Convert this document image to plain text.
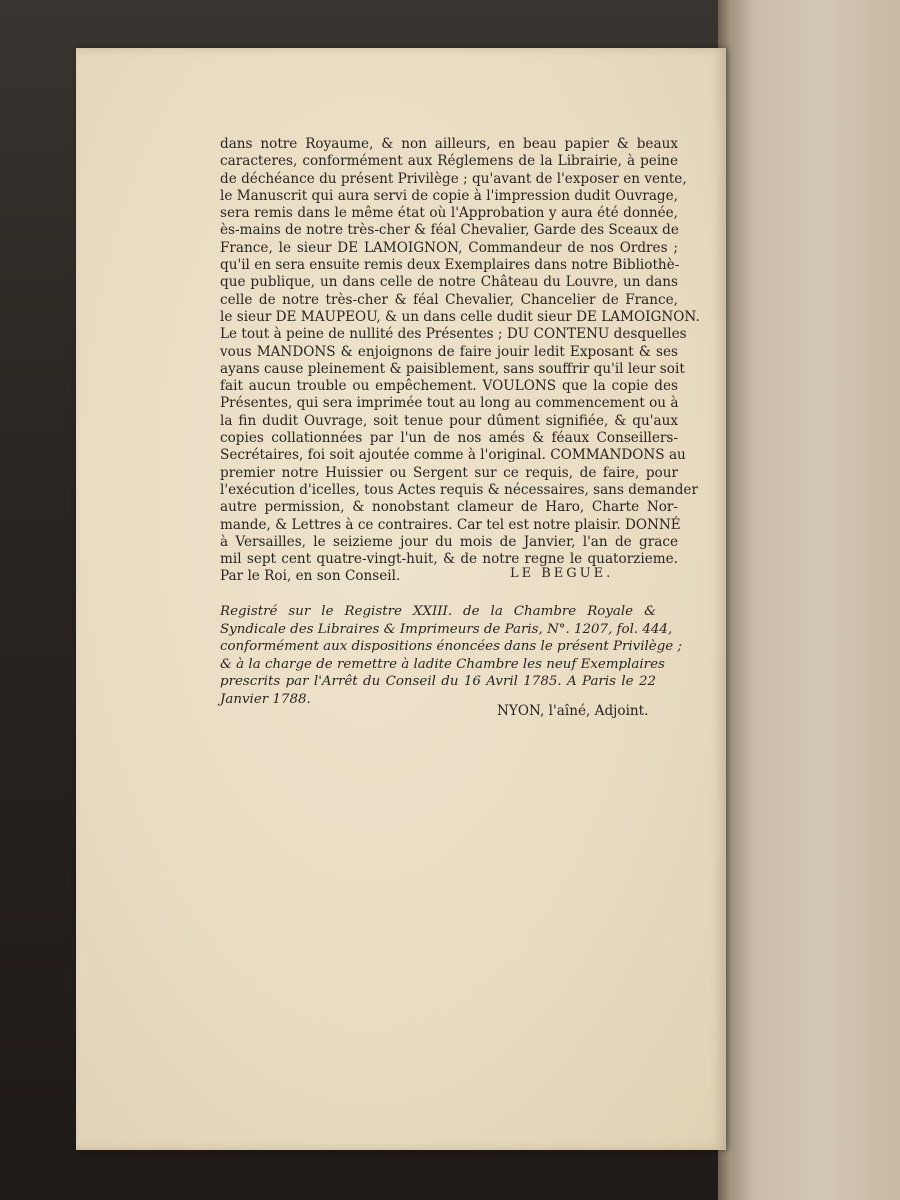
dans notre Royaume, & non ailleurs, en beau papier & beaux
caracteres, conformément aux Réglemens de la Librairie, à peine
de déchéance du présent Privilège ; qu'avant de l'exposer en vente,
le Manuscrit qui aura servi de copie à l'impression dudit Ouvrage,
sera remis dans le même état où l'Approbation y aura été donnée,
ès-mains de notre très-cher & féal Chevalier, Garde des Sceaux de
France, le sieur DE LAMOIGNON, Commandeur de nos Ordres ;
qu'il en sera ensuite remis deux Exemplaires dans notre Bibliothè-
que publique, un dans celle de notre Château du Louvre, un dans
celle de notre très-cher & féal Chevalier, Chancelier de France,
le sieur DE MAUPEOU, & un dans celle dudit sieur DE LAMOIGNON.
Le tout à peine de nullité des Présentes ; DU CONTENU desquelles
vous MANDONS & enjoignons de faire jouir ledit Exposant & ses
ayans cause pleinement & paisiblement, sans souffrir qu'il leur soit
fait aucun trouble ou empêchement. VOULONS que la copie des
Présentes, qui sera imprimée tout au long au commencement ou à
la fin dudit Ouvrage, soit tenue pour dûment signifiée, & qu'aux
copies collationnées par l'un de nos amés & féaux Conseillers-
Secrétaires, foi soit ajoutée comme à l'original. COMMANDONS au
premier notre Huissier ou Sergent sur ce requis, de faire, pour
l'exécution d'icelles, tous Actes requis & nécessaires, sans demander
autre permission, & nonobstant clameur de Haro, Charte Nor-
mande, & Lettres à ce contraires. Car tel est notre plaisir. DONNÉ
à Versailles, le seizieme jour du mois de Janvier, l'an de grace
mil sept cent quatre-vingt-huit, & de notre regne le quatorzieme.
Par le Roi, en son Conseil.	LE BEGUE.
Registré sur le Registre XXIII. de la Chambre Royale &
Syndicale des Libraires & Imprimeurs de Paris, N°. 1207, fol. 444,
conformément aux dispositions énoncées dans le présent Privilège ;
& à la charge de remettre à ladite Chambre les neuf Exemplaires
prescrits par l'Arrêt du Conseil du 16 Avril 1785. A Paris le 22
Janvier 1788.
NYON, l'aîné, Adjoint.
